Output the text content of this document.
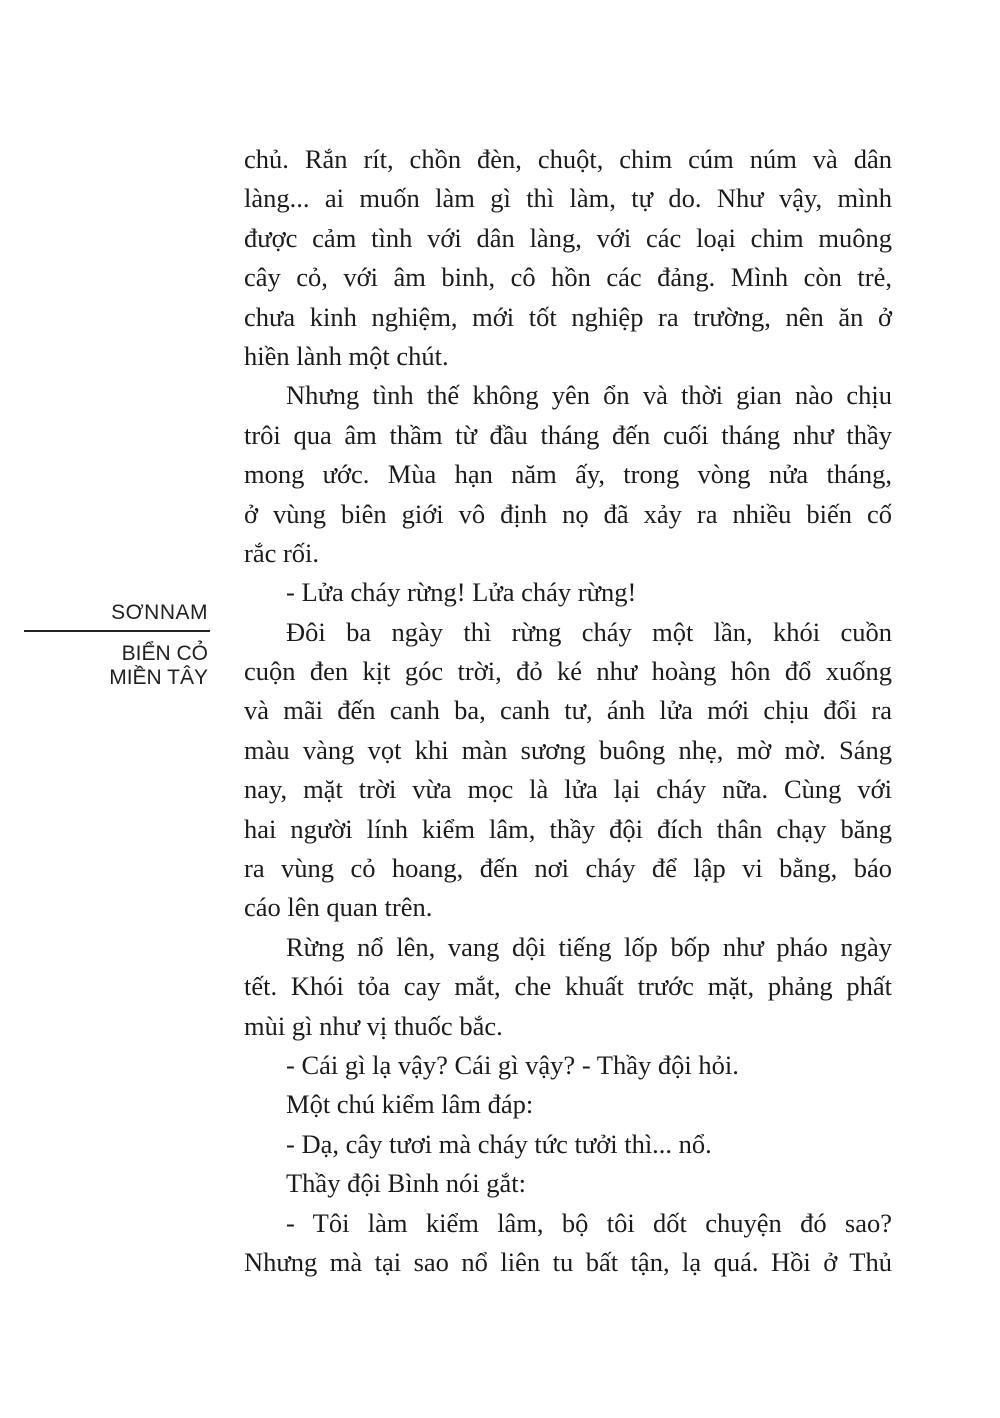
SƠNNAM
BIỂN CỎ
MIỀN TÂY
chủ. Rắn rít, chồn đèn, chuột, chim cúm núm và dân
làng... ai muốn làm gì thì làm, tự do. Như vậy, mình
được cảm tình với dân làng, với các loại chim muông
cây cỏ, với âm binh, cô hồn các đảng. Mình còn trẻ,
chưa kinh nghiệm, mới tốt nghiệp ra trường, nên ăn ở
hiền lành một chút.
Nhưng tình thế không yên ổn và thời gian nào chịu
trôi qua âm thầm từ đầu tháng đến cuối tháng như thầy
mong ước. Mùa hạn năm ấy, trong vòng nửa tháng,
ở vùng biên giới vô định nọ đã xảy ra nhiều biến cố
rắc rối.
- Lửa cháy rừng! Lửa cháy rừng!
Đôi ba ngày thì rừng cháy một lần, khói cuồn
cuộn đen kịt góc trời, đỏ ké như hoàng hôn đổ xuống
và mãi đến canh ba, canh tư, ánh lửa mới chịu đổi ra
màu vàng vọt khi màn sương buông nhẹ, mờ mờ. Sáng
nay, mặt trời vừa mọc là lửa lại cháy nữa. Cùng với
hai người lính kiểm lâm, thầy đội đích thân chạy băng
ra vùng cỏ hoang, đến nơi cháy để lập vi bằng, báo
cáo lên quan trên.
Rừng nổ lên, vang dội tiếng lốp bốp như pháo ngày
tết. Khói tỏa cay mắt, che khuất trước mặt, phảng phất
mùi gì như vị thuốc bắc.
- Cái gì lạ vậy? Cái gì vậy? - Thầy đội hỏi.
Một chú kiểm lâm đáp:
- Dạ, cây tươi mà cháy tức tưởi thì... nổ.
Thầy đội Bình nói gắt:
- Tôi làm kiểm lâm, bộ tôi dốt chuyện đó sao?
Nhưng mà tại sao nổ liên tu bất tận, lạ quá. Hồi ở Thủ
